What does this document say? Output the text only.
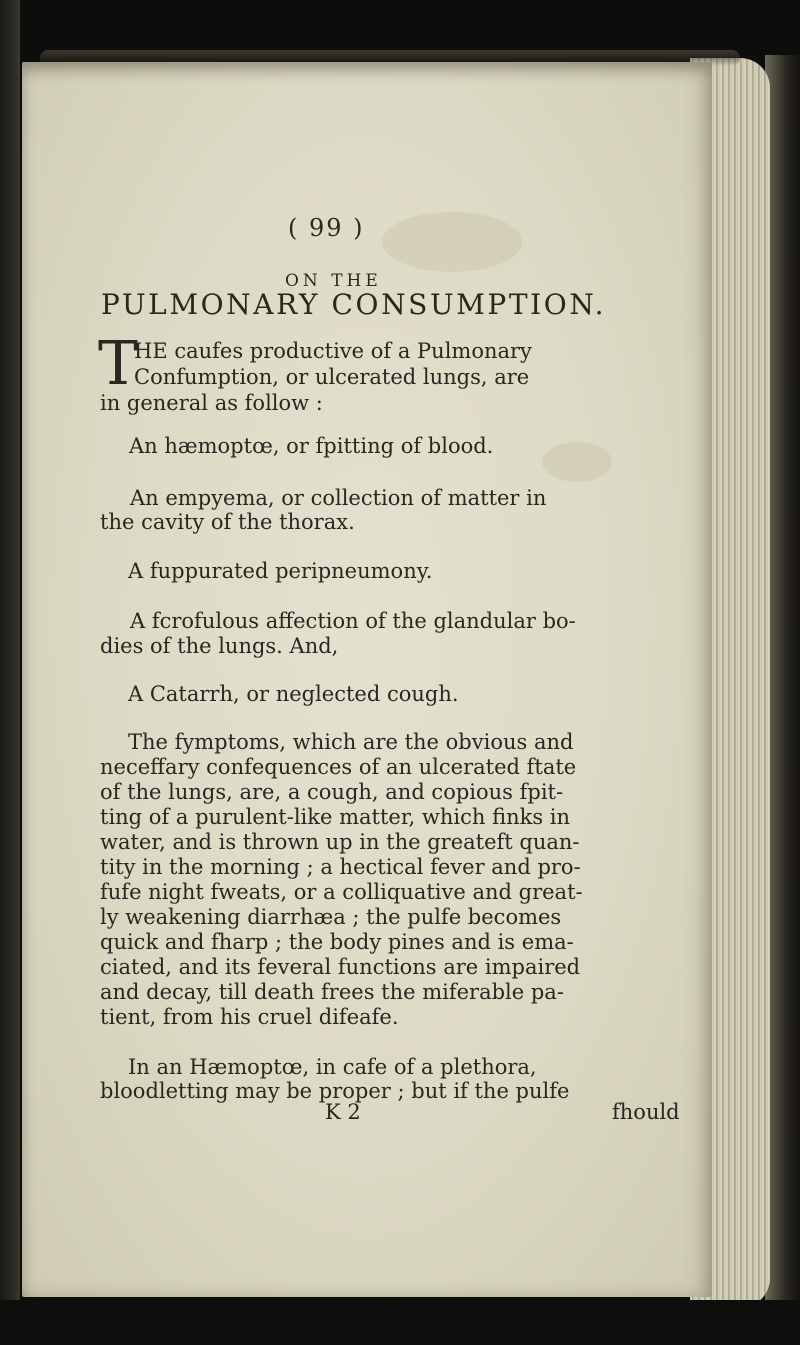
( 99 )
ON THE
PULMONARY CONSUMPTION.
T
HE caufes productive of a Pulmonary
Confumption, or ulcerated lungs, are
in general as follow :
An hæmoptœ, or fpitting of blood.
An empyema, or collection of matter in
the cavity of the thorax.
A fuppurated peripneumony.
A fcrofulous affection of the glandular bo-
dies of the lungs. And,
A Catarrh, or neglected cough.
The fymptoms, which are the obvious and
neceffary confequences of an ulcerated ftate
of the lungs, are, a cough, and copious fpit-
ting of a purulent-like matter, which finks in
water, and is thrown up in the greateft quan-
tity in the morning ; a hectical fever and pro-
fufe night fweats, or a colliquative and great-
ly weakening diarrhæa ; the pulfe becomes
quick and fharp ; the body pines and is ema-
ciated, and its feveral functions are impaired
and decay, till death frees the miferable pa-
tient, from his cruel difeafe.
In an Hæmoptœ, in cafe of a plethora,
bloodletting may be proper ; but if the pulfe
K 2	fhould
